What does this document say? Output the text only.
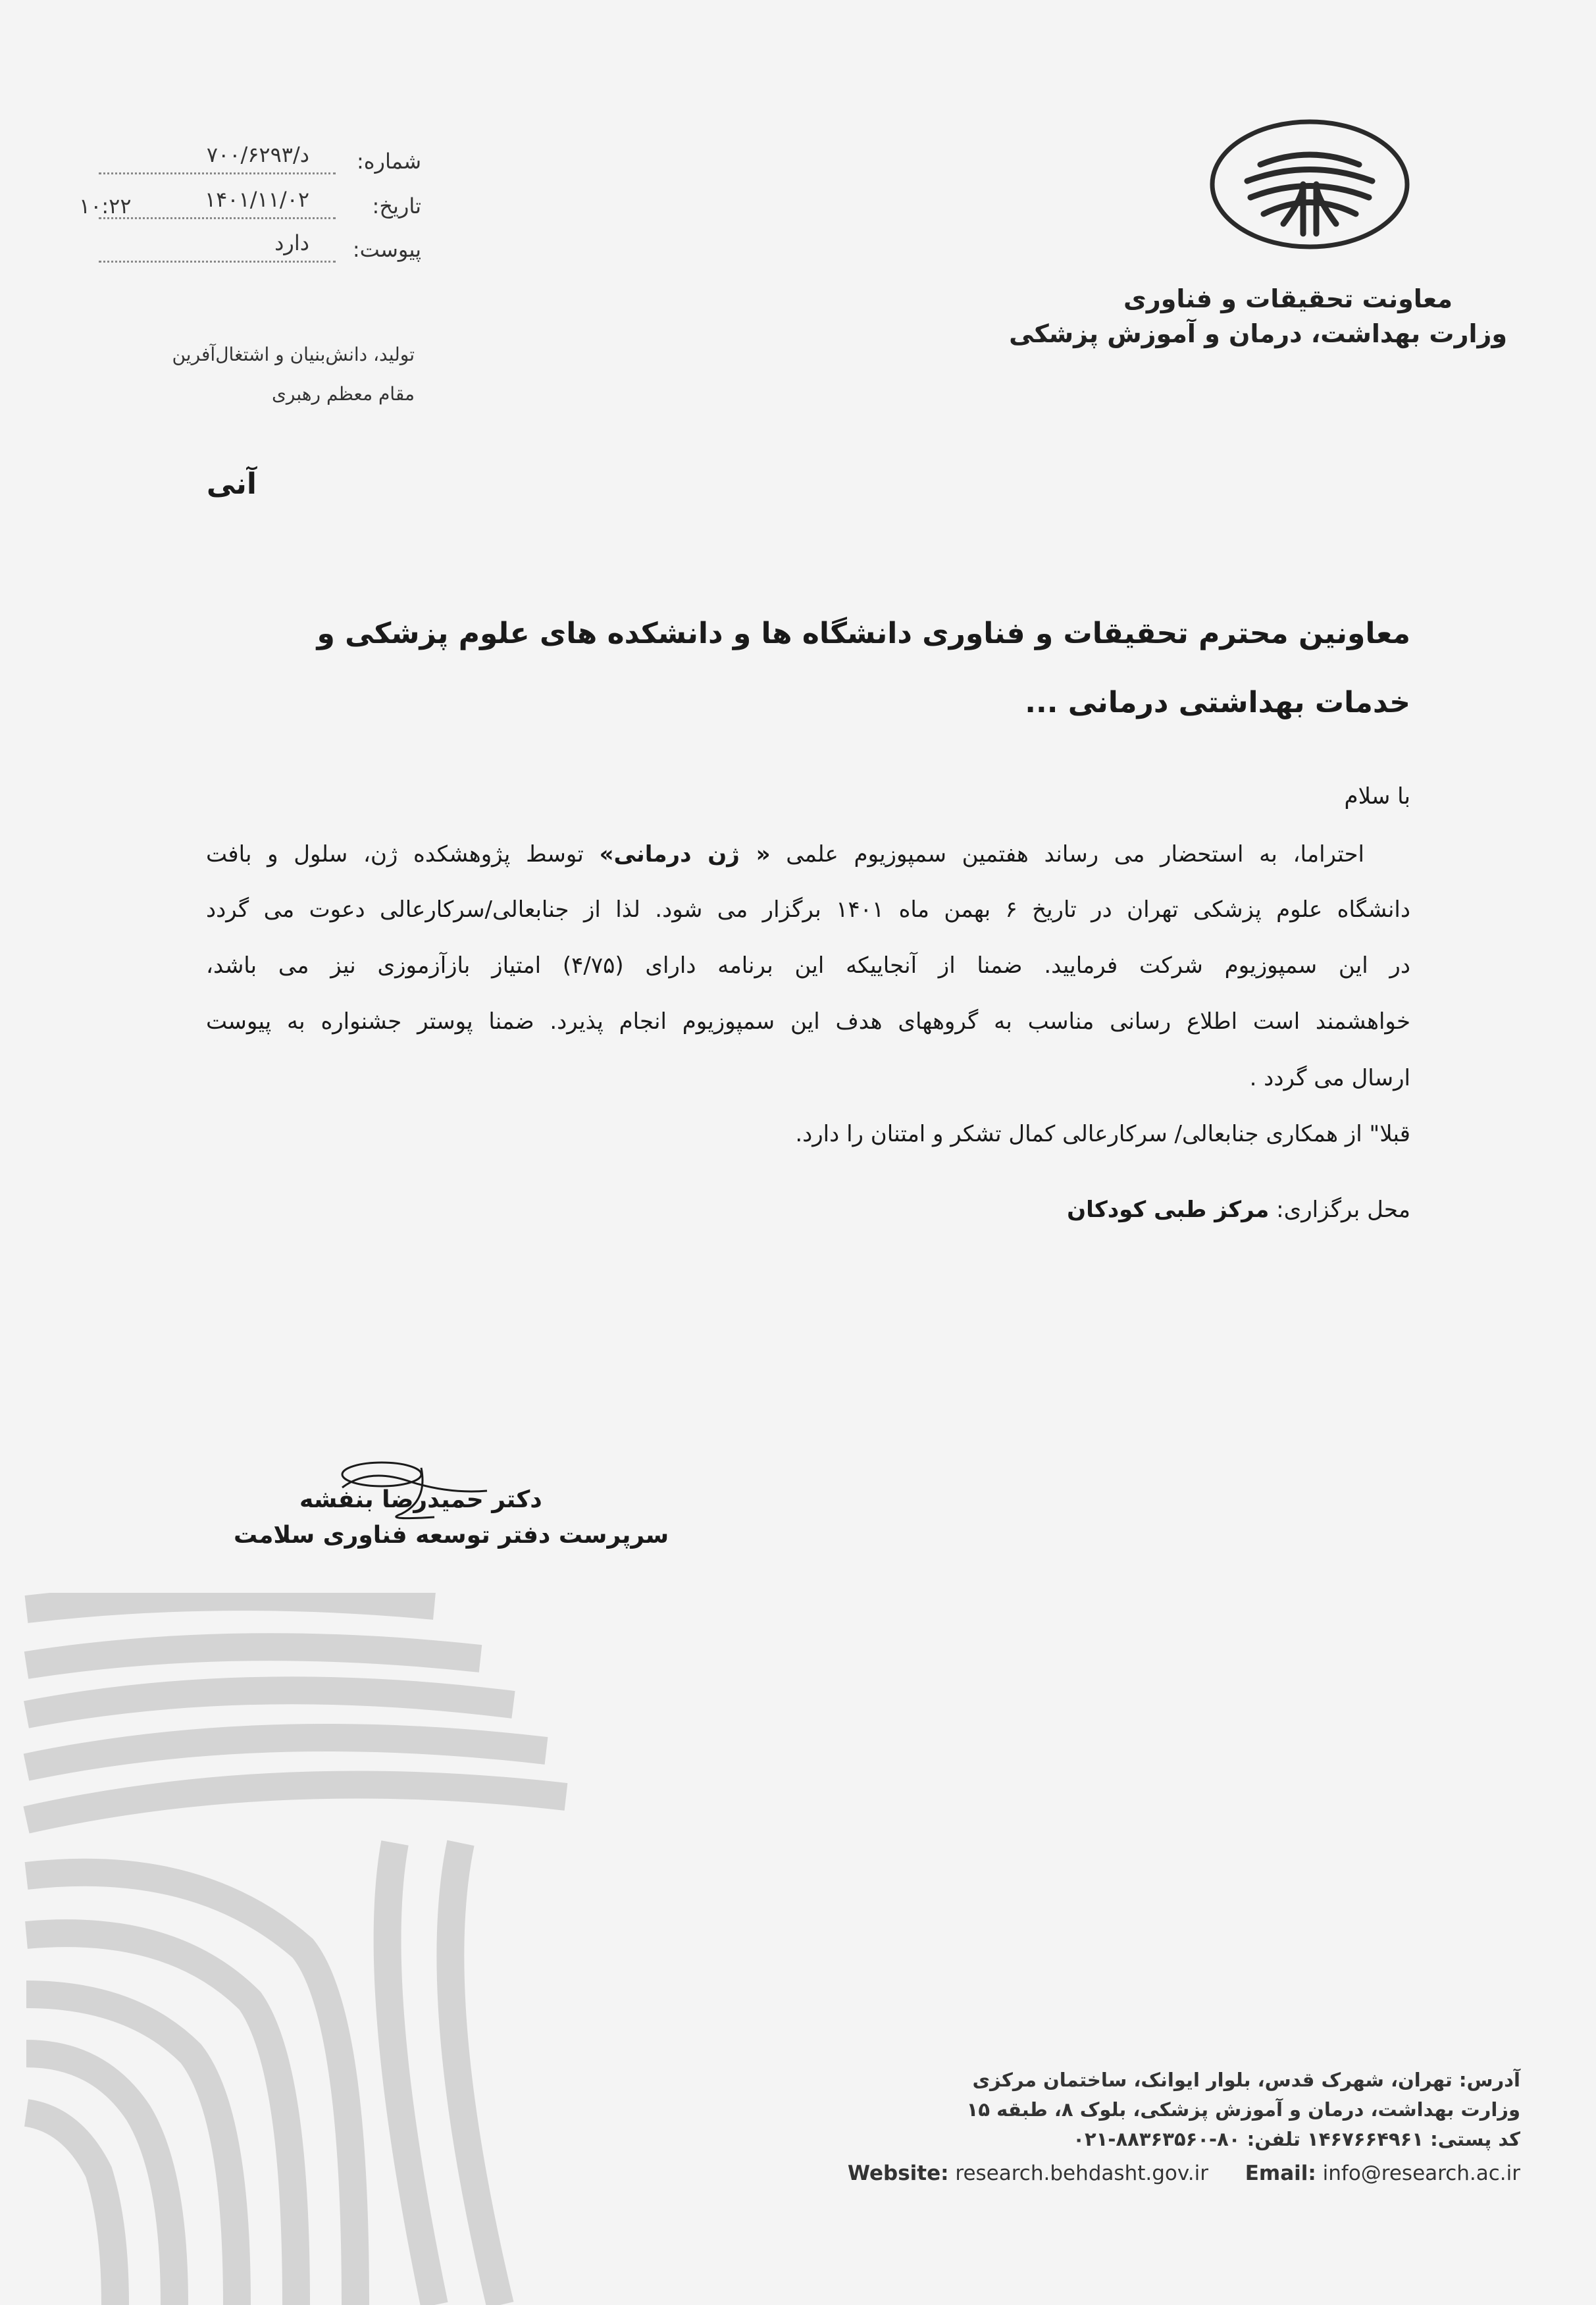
معاونت تحقیقات و فناوری
وزارت بهداشت، درمان و آموزش پزشکی
شماره:
د/۷۰۰/۶۲۹۳
تاریخ:
۱۴۰۱/۱۱/۰۲
۱۰:۲۲
پیوست:
دارد
تولید، دانش‌بنیان و اشتغال‌آفرین
مقام معظم رهبری
آنی
معاونین محترم تحقیقات و فناوری دانشگاه ها و دانشکده های علوم پزشکی و خدمات بهداشتی درمانی ...
با سلام
احتراما، به استحضار می رساند هفتمین سمپوزیوم علمی « ژن درمانی» توسط پژوهشکده ژن، سلول و بافت
دانشگاه علوم پزشکی تهران در تاریخ ۶ بهمن ماه ۱۴۰۱ برگزار می شود. لذا از جنابعالی/سرکارعالی دعوت می گردد
در این سمپوزیوم شرکت فرمایید. ضمنا از آنجاییکه این برنامه دارای (۴/۷۵) امتیاز بازآزموزی نیز می باشد،
خواهشمند است اطلاع رسانی مناسب به گروههای هدف این سمپوزیوم انجام پذیرد. ضمنا پوستر جشنواره به پیوست
ارسال می گردد .
قبلا" از همکاری جنابعالی/ سرکارعالی کمال تشکر و امتنان را دارد.
محل برگزاری: مرکز طبی کودکان
دکتر حمیدرضا بنفشه
سرپرست دفتر توسعه فناوری سلامت
آدرس: تهران، شهرک قدس، بلوار ایوانک، ساختمان مرکزی
وزارت بهداشت، درمان و آموزش پزشکی، بلوک ۸، طبقه ۱۵
کد پستی: ۱۴۶۷۶۶۴۹۶۱ تلفن: ۸۰-۸۸۳۶۳۵۶۰-۰۲۱
Website: research.behdasht.gov.ir Email: info@research.ac.ir
